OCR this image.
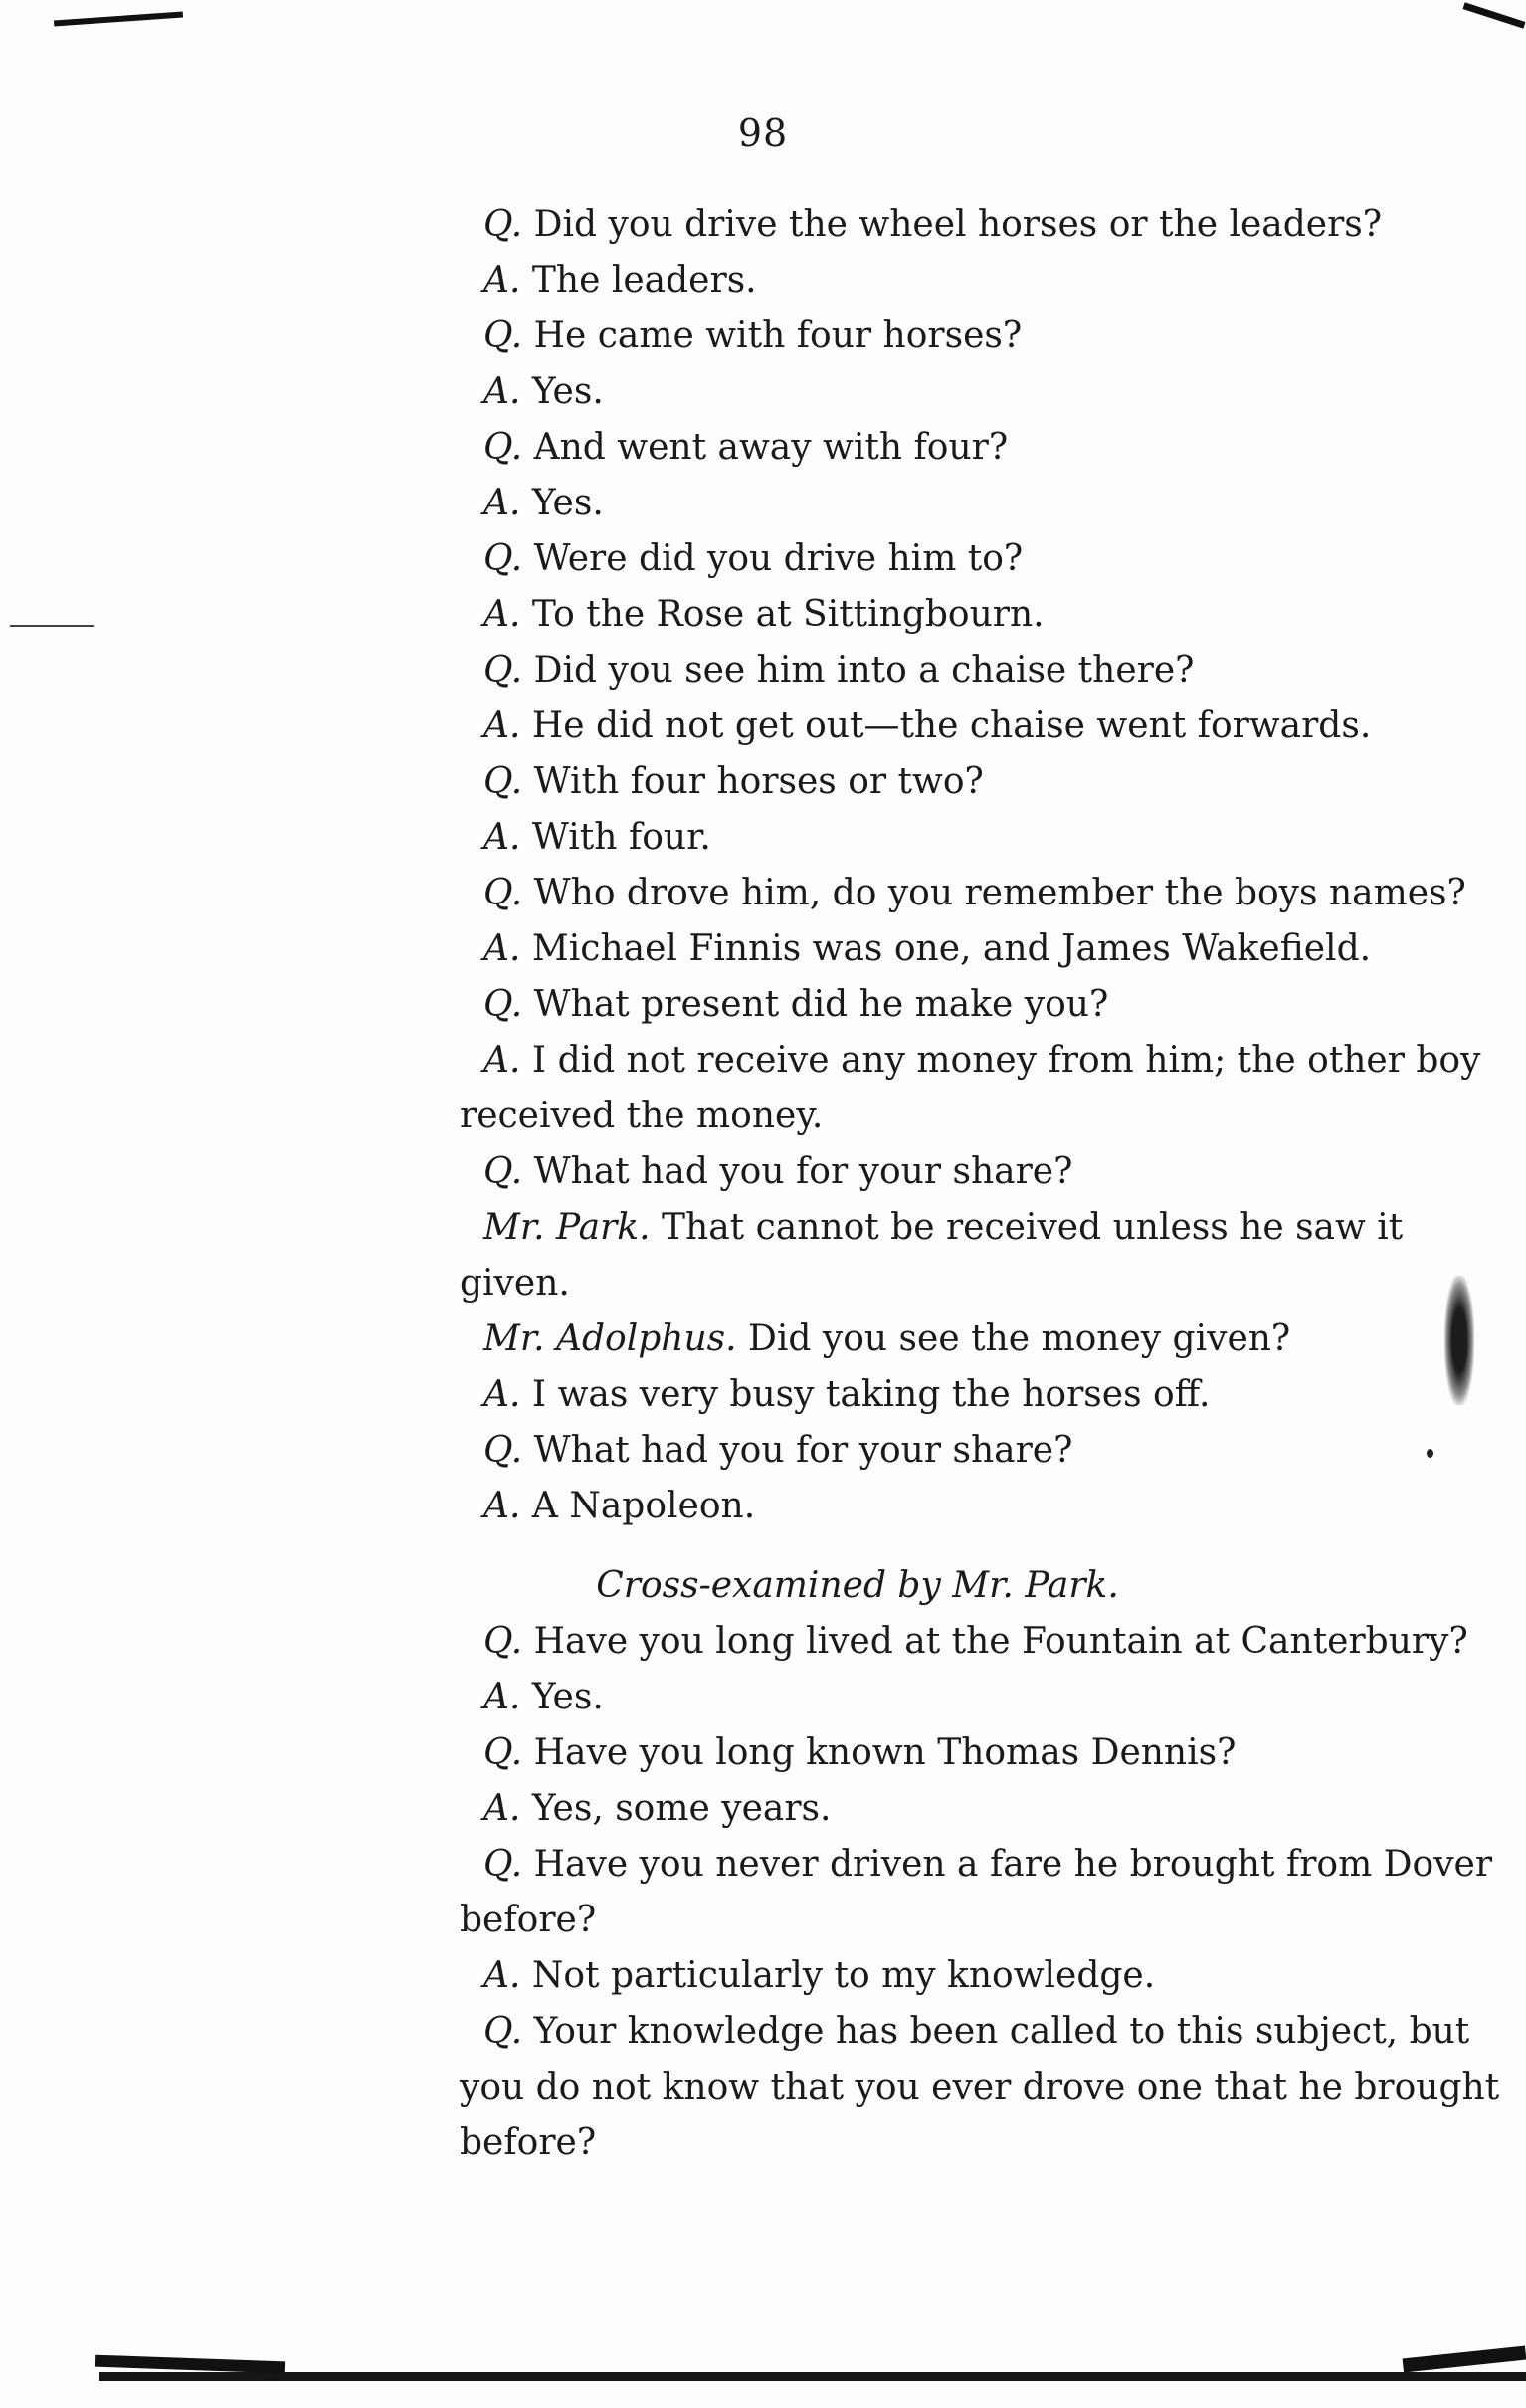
98
Q. Did you drive the wheel horses or the leaders?
A. The leaders.
Q. He came with four horses?
A. Yes.
Q. And went away with four?
A. Yes.
Q. Were did you drive him to?
A. To the Rose at Sittingbourn.
Q. Did you see him into a chaise there?
A. He did not get out—the chaise went forwards.
Q. With four horses or two?
A. With four.
Q. Who drove him, do you remember the boys names?
A. Michael Finnis was one, and James Wakefield.
Q. What present did he make you?
A. I did not receive any money from him; the other boy
received the money.
Q. What had you for your share?
Mr. Park. That cannot be received unless he saw it
given.
Mr. Adolphus. Did you see the money given?
A. I was very busy taking the horses off.
Q. What had you for your share?
A. A Napoleon.
Cross-examined by Mr. Park.
Q. Have you long lived at the Fountain at Canterbury?
A. Yes.
Q. Have you long known Thomas Dennis?
A. Yes, some years.
Q. Have you never driven a fare he brought from Dover
before?
A. Not particularly to my knowledge.
Q. Your knowledge has been called to this subject, but
you do not know that you ever drove one that he brought
before?
